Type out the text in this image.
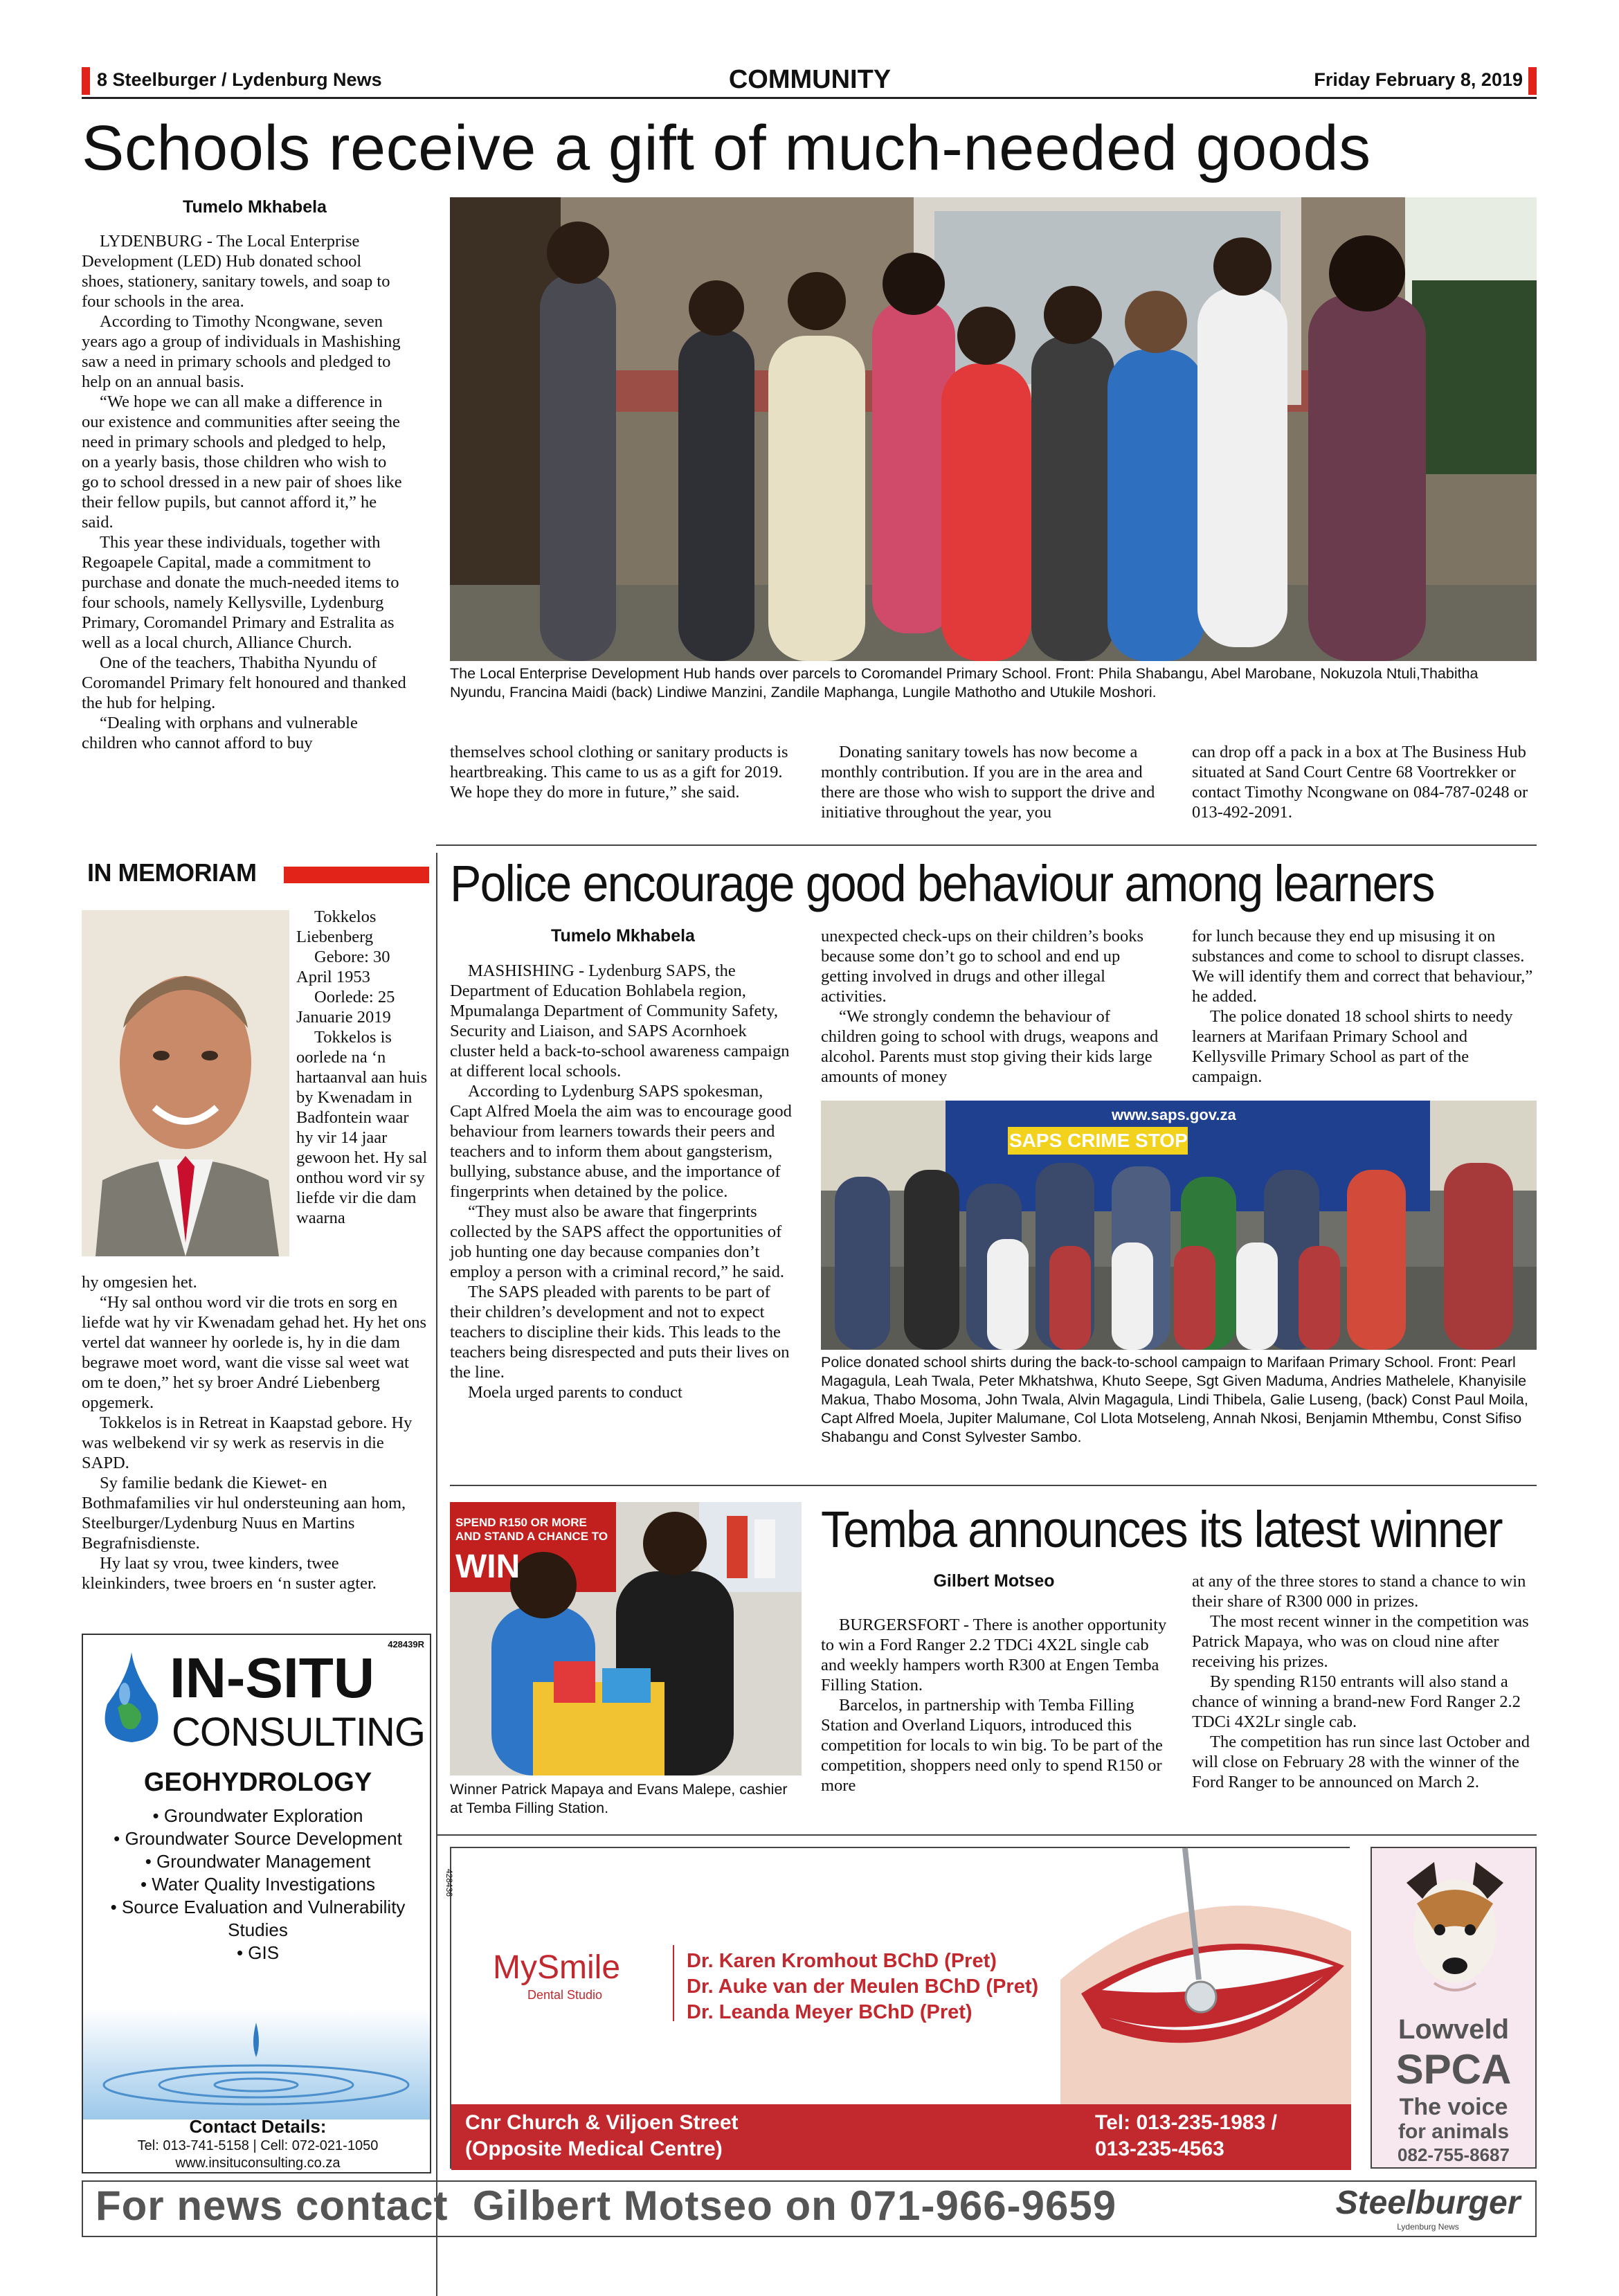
8 Steelburger / Lydenburg News	COMMUNITY	Friday February 8, 2019
Schools receive a gift of much-needed goods
Tumelo Mkhabela

LYDENBURG - The Local Enterprise Development (LED) Hub donated school shoes, stationery, sanitary towels, and soap to four schools in the area.

According to Timothy Ncongwane, seven years ago a group of individuals in Mashishing saw a need in primary schools and pledged to help on an annual basis.

“We hope we can all make a difference in our existence and communities after seeing the need in primary schools and pledged to help, on a yearly basis, those children who wish to go to school dressed in a new pair of shoes like their fellow pupils, but cannot afford it,” he said.

This year these individuals, together with Regoapele Capital, made a commitment to purchase and donate the much-needed items to four schools, namely Kellysville, Lydenburg Primary, Coromandel Primary and Estralita as well as a local church, Alliance Church.

One of the teachers, Thabitha Nyundu of Coromandel Primary felt honoured and thanked the hub for helping.

“Dealing with orphans and vulnerable children who cannot afford to buy

The Local Enterprise Development Hub hands over parcels to Coromandel Primary School. Front: Phila Shabangu, Abel Marobane, Nokuzola Ntuli,Thabitha Nyundu, Francina Maidi (back) Lindiwe Manzini, Zandile Maphanga, Lungile Mathotho and Utukile Moshori.
themselves school clothing or sanitary products is heartbreaking. This came to us as a gift for 2019. We hope they do more in future,” she said.
Donating sanitary towels has now become a monthly contribution. If you are in the area and there are those who wish to support the drive and initiative throughout the year, you
can drop off a pack in a box at The Business Hub situated at Sand Court Centre 68 Voortrekker or contact Timothy Ncongwane on 084-787-0248 or 013-492-2091.
IN MEMORIAM
Tokkelos Liebenberg
Gebore: 30 April 1953
Oorlede: 25 Januarie 2019
Tokkelos is oorlede na ‘n hartaanval aan huis by Kwenadam in Badfontein waar hy vir 14 jaar gewoon het. Hy sal onthou word vir sy liefde vir die dam waarna

hy omgesien het.

“Hy sal onthou word vir die trots en sorg en liefde wat hy vir Kwenadam gehad het. Hy het ons vertel dat wanneer hy oorlede is, hy in die dam begrawe moet word, want die visse sal weet wat om te doen,” het sy broer André Liebenberg opgemerk.

Tokkelos is in Retreat in Kaapstad gebore. Hy was welbekend vir sy werk as reservis in die SAPD.

Sy familie bedank die Kiewet- en Bothmafamilies vir hul ondersteuning aan hom, Steelburger/Lydenburg Nuus en Martins Begrafnisdienste.

Hy laat sy vrou, twee kinders, twee kleinkinders, twee broers en ‘n suster agter.

428439R
IN-SITU
CONSULTING
GEOHYDROLOGY
• Groundwater Exploration
• Groundwater Source Development
• Groundwater Management
• Water Quality Investigations
• Source Evaluation and Vulnerability Studies
• GIS
Contact Details:
Tel: 013-741-5158 | Cell: 072-021-1050
www.insituconsulting.co.za
Police encourage good behaviour among learners
Tumelo Mkhabela

MASHISHING - Lydenburg SAPS, the Department of Education Bohlabela region, Mpumalanga Department of Community Safety, Security and Liaison, and SAPS Acornhoek cluster held a back-to-school awareness campaign at different local schools.

According to Lydenburg SAPS spokesman, Capt Alfred Moela the aim was to encourage good behaviour from learners towards their peers and teachers and to inform them about gangsterism, bullying, substance abuse, and the importance of fingerprints when detained by the police.

“They must also be aware that fingerprints collected by the SAPS affect the opportunities of job hunting one day because companies don’t employ a person with a criminal record,” he said.

The SAPS pleaded with parents to be part of their children’s development and not to expect teachers to discipline their kids. This leads to the teachers being disrespected and puts their lives on the line.

Moela urged parents to conduct

unexpected check-ups on their children’s books because some don’t go to school and end up getting involved in drugs and other illegal activities.

“We strongly condemn the behaviour of children going to school with drugs, weapons and alcohol. Parents must stop giving their kids large amounts of money

for lunch because they end up misusing it on substances and come to school to disrupt classes. We will identify them and correct that behaviour,” he added.

The police donated 18 school shirts to needy learners at Marifaan Primary School and Kellysville Primary School as part of the campaign.

www.saps.gov.za
SAPS CRIME STOP
Police donated school shirts during the back-to-school campaign to Marifaan Primary School. Front: Pearl Magagula, Leah Twala, Peter Mkhatshwa, Khuto Seepe, Sgt Given Maduma, Andries Mathelele, Khanyisile Makua, Thabo Mosoma, John Twala, Alvin Magagula, Lindi Thibela, Galie Luseng, (back) Const Paul Moila, Capt Alfred Moela, Jupiter Malumane, Col Llota Motseleng, Annah Nkosi, Benjamin Mthembu, Const Sifiso Shabangu and Const Sylvester Sambo.
SPEND R150 OR MORE AND STAND A CHANCE TO
WIN
Winner Patrick Mapaya and Evans Malepe, cashier at Temba Filling Station.
Temba announces its latest winner
Gilbert Motseo

BURGERSFORT - There is another opportunity to win a Ford Ranger 2.2 TDCi 4X2L single cab and weekly hampers worth R300 at Engen Temba Filling Station.

Barcelos, in partnership with Temba Filling Station and Overland Liquors, introduced this competition for locals to win big. To be part of the competition, shoppers need only to spend R150 or more

at any of the three stores to stand a chance to win their share of R300 000 in prizes.

The most recent winner in the competition was Patrick Mapaya, who was on cloud nine after receiving his prizes.

By spending R150 entrants will also stand a chance of winning a brand-new Ford Ranger 2.2 TDCi 4X2Lr single cab.

The competition has run since last October and will close on February 28 with the winner of the Ford Ranger to be announced on March 2.

428436
MySmile
Dental Studio
Dr. Karen Kromhout BChD (Pret)
Dr. Auke van der Meulen BChD (Pret)
Dr. Leanda Meyer BChD (Pret)
Cnr Church & Viljoen Street
(Opposite Medical Centre)
Tel: 013-235-1983 /
013-235-4563
Lowveld
SPCA
The voice
for animals
082-755-8687
For news contact  Gilbert Motseo on 071-966-9659	Steelburger
Lydenburg News
